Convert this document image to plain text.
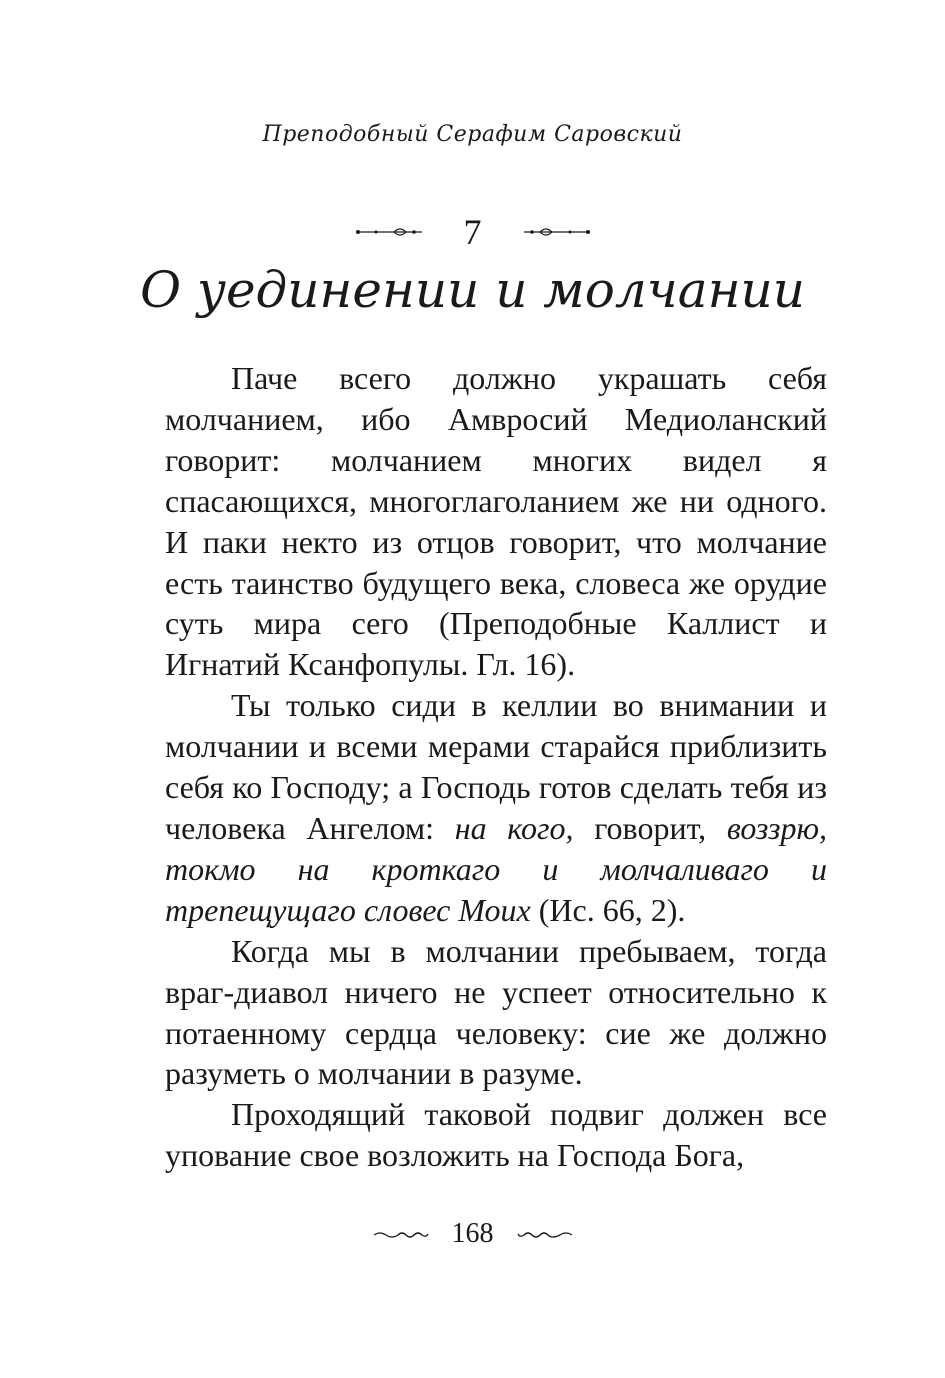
Преподобный Серафим Саровский
7
О уединении и молчании

Паче всего должно украшать себя молчанием, ибо Амвросий Медиоланский говорит: молчанием многих видел я спасающихся, многоглаголанием же ни одного. И паки некто из отцов говорит, что молчание есть таинство будущего века, словеса же орудие суть мира сего (Преподобные Каллист и Игнатий Ксанфопулы. Гл. 16).

Ты только сиди в келлии во внимании и молчании и всеми мерами старайся приблизить себя ко Господу; а Господь готов сделать тебя из человека Ангелом: на кого, говорит, воззрю, токмо на кроткаго и молчаливаго и трепещущаго словес Моих (Ис. 66, 2).

Когда мы в молчании пребываем, тогда враг-диавол ничего не успеет относительно к потаенному сердца человеку: сие же должно разуметь о молчании в разуме.

Проходящий таковой подвиг должен все упование свое возложить на Господа Бога,

168
